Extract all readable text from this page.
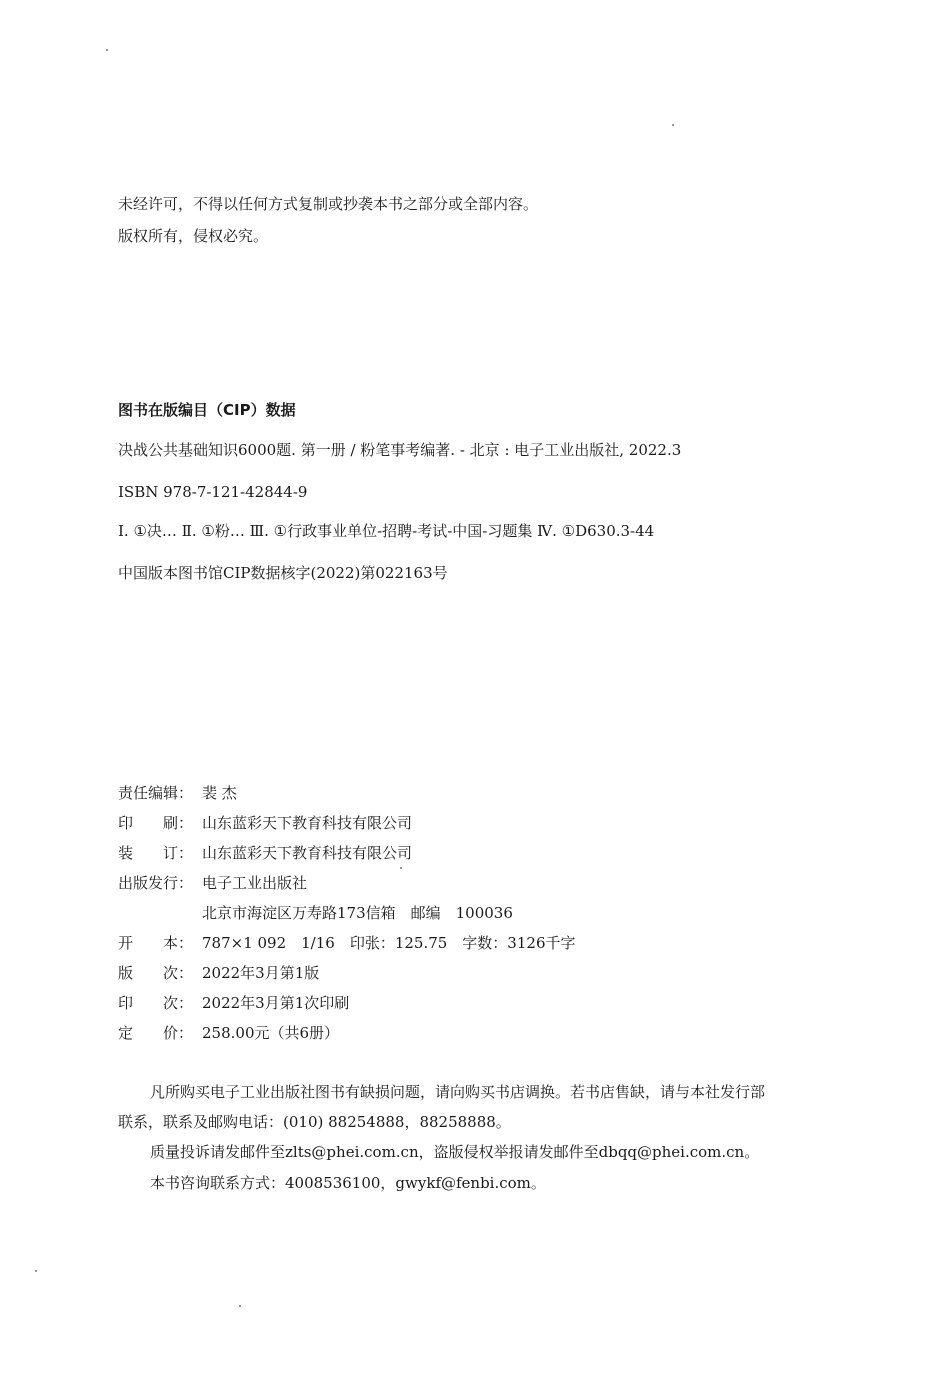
未经许可，不得以任何方式复制或抄袭本书之部分或全部内容。
版权所有，侵权必究。
图书在版编目（CIP）数据
决战公共基础知识6000题. 第一册 / 粉笔事考编著. - 北京 : 电子工业出版社, 2022.3
ISBN 978-7-121-42844-9
Ⅰ. ①决… Ⅱ. ①粉… Ⅲ. ①行政事业单位-招聘-考试-中国-习题集 Ⅳ. ①D630.3-44
中国版本图书馆CIP数据核字(2022)第022163号
责任编辑： 裴 杰
印　　刷： 山东蓝彩天下教育科技有限公司
装　　订： 山东蓝彩天下教育科技有限公司
出版发行： 电子工业出版社
北京市海淀区万寿路173信箱　邮编　100036
开　　本： 787×1 092　1/16　印张：125.75　字数：3126千字
版　　次： 2022年3月第1版
印　　次： 2022年3月第1次印刷
定　　价： 258.00元（共6册）
凡所购买电子工业出版社图书有缺损问题，请向购买书店调换。若书店售缺，请与本社发行部
联系，联系及邮购电话：(010) 88254888，88258888。
质量投诉请发邮件至zlts@phei.com.cn，盗版侵权举报请发邮件至dbqq@phei.com.cn。
本书咨询联系方式：4008536100，gwykf@fenbi.com。
